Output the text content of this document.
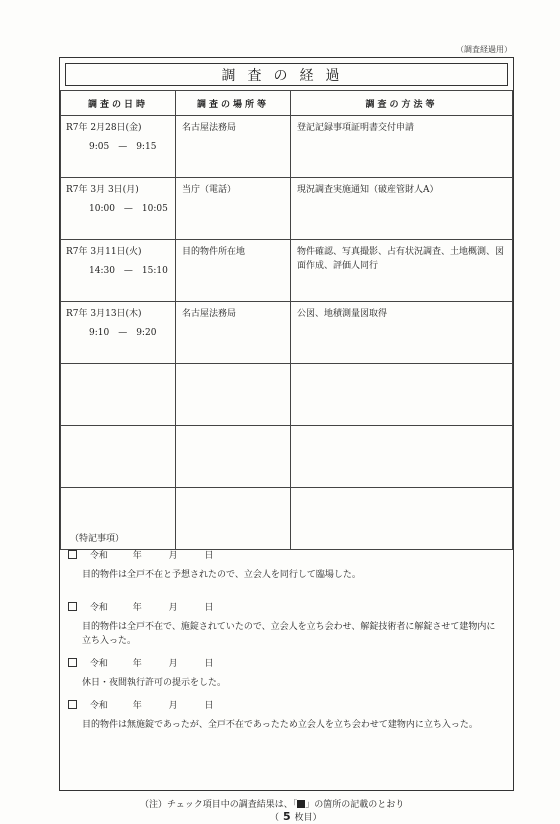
（調査経過用）
調査の経過
調査の日時	調査の場所等	調査の方法等

R7年 2月28日(金)
9:05　—　9:15	名古屋法務局	登記記録事項証明書交付申請

R7年 3月 3日(月)
10:00　—　10:05	当庁（電話）	現況調査実施通知（破産管財人A）

R7年 3月11日(火)
14:30　—　15:10	目的物件所在地	物件確認、写真撮影、占有状況調査、土地概測、図面作成、評価人同行

R7年 3月13日(木)
9:10　—　9:20	名古屋法務局	公図、地積測量図取得

（特記事項）
令和	年	月	日
目的物件は全戸不在と予想されたので、立会人を同行して臨場した。
令和	年	月	日
目的物件は全戸不在で、施錠されていたので、立会人を立ち会わせ、解錠技術者に解錠させて建物内に立ち入った。
令和	年	月	日
休日・夜間執行許可の提示をした。
令和	年	月	日
目的物件は無施錠であったが、全戸不在であったため立会人を立ち会わせて建物内に立ち入った。
（注）チェック項目中の調査結果は、「 」の箇所の記載のとおり
（ 5 枚目）
